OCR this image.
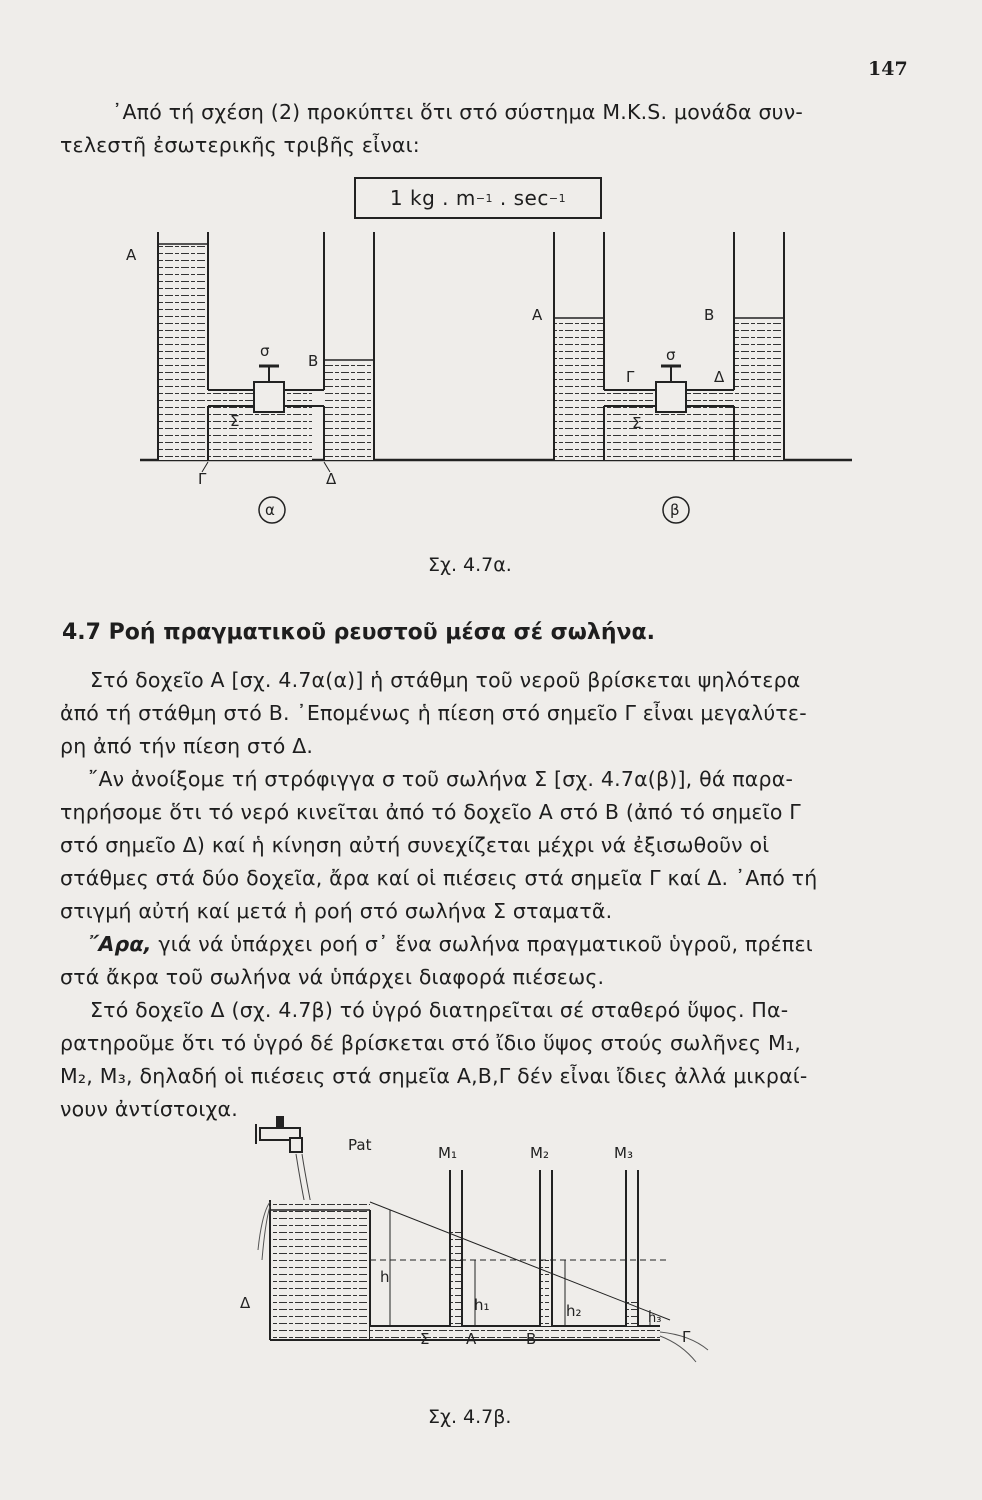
147
᾿Από τή σχέση (2) προκύπτει ὅτι στό σύστημα M.K.S. μονάδα συν-
τελεστῆ ἐσωτερικῆς τριβῆς εἶναι:
1 kg . m −1 . sec −1
Α
σ
Β
Σ
Γ	Δ
α
Α	Β
σ
Γ	Δ
Σ
β
Σχ. 4.7α.
4.7 Ροή πραγματικοῦ ρευστοῦ μέσα σέ σωλήνα.
Στό δοχεῖο Α [σχ. 4.7α(α)] ἡ στάθμη τοῦ νεροῦ βρίσκεται ψηλότερα
ἀπό τή στάθμη στό Β. ᾿Επομένως ἡ πίεση στό σημεῖο Γ εἶναι μεγαλύτε-
ρη ἀπό τήν πίεση στό Δ.
῎Αν ἀνοίξομε τή στρόφιγγα σ τοῦ σωλήνα Σ [σχ. 4.7α(β)], θά παρα-
τηρήσομε ὅτι τό νερό κινεῖται ἀπό τό δοχεῖο Α στό Β (ἀπό τό σημεῖο Γ
στό σημεῖο Δ) καί ἡ κίνηση αὐτή συνεχίζεται μέχρι νά ἐξισωθοῦν οἱ
στάθμες στά δύο δοχεῖα, ἄρα καί οἱ πιέσεις στά σημεῖα Γ καί Δ. ᾿Από τή
στιγμή αὐτή καί μετά ἡ ροή στό σωλήνα Σ σταματᾶ.
῎Αρα, γιά νά ὑπάρχει ροή σ᾿ ἕνα σωλήνα πραγματικοῦ ὑγροῦ, πρέπει
στά ἄκρα τοῦ σωλήνα νά ὑπάρχει διαφορά πιέσεως.
Στό δοχεῖο Δ (σχ. 4.7β) τό ὑγρό διατηρεῖται σέ σταθερό ὕψος. Πα-
ρατηροῦμε ὅτι τό ὑγρό δέ βρίσκεται στό ἴδιο ὕψος στούς σωλῆνες M₁,
M₂, M₃, δηλαδή οἱ πιέσεις στά σημεῖα Α,Β,Γ δέν εἶναι ἴδιες ἀλλά μικραί-
νουν ἀντίστοιχα.
Pat	M₁	M₂	M₃
h
h₁	h₂	h₃
Δ
Σ Α	Β	Γ
Σχ. 4.7β.
